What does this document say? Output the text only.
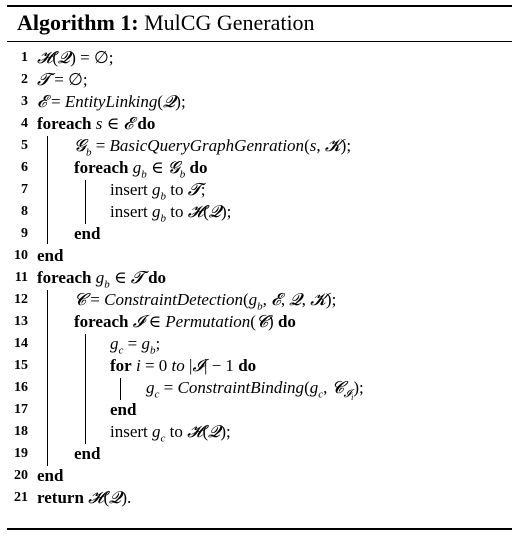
Algorithm 1: MulCG Generation
1
2
3
4
5
6
7
8
9
10
11
12
13
14
15
16
17
18
19
20
21
𝓗(𝓠) = ∅;
𝓣 = ∅;
𝓔 = EntityLinking(𝓠);
foreach s ∈ 𝓔 do
𝓖$_b$ = BasicQueryGraphGenration(s, 𝓚);
foreach $g_b$ ∈ 𝓖$_b$ do
insert $g_b$ to 𝓣;
insert $g_b$ to 𝓗(𝓠);
end
end
foreach $g_b$ ∈ 𝓣 do
𝓒 = $ConstraintDetection(g_b$, 𝓔, 𝓠, 𝓚);
foreach 𝓘 ∈ Permutation(𝓒) do
$g_c = g_b$;
for i = 0 to |𝓘| − 1 do
$g_c$ = $ConstraintBinding(g_c$, 𝓒$_{𝓘_i}$);
end
insert $g_c$ to 𝓗(𝓠);
end
end
return 𝓗(𝓠).
